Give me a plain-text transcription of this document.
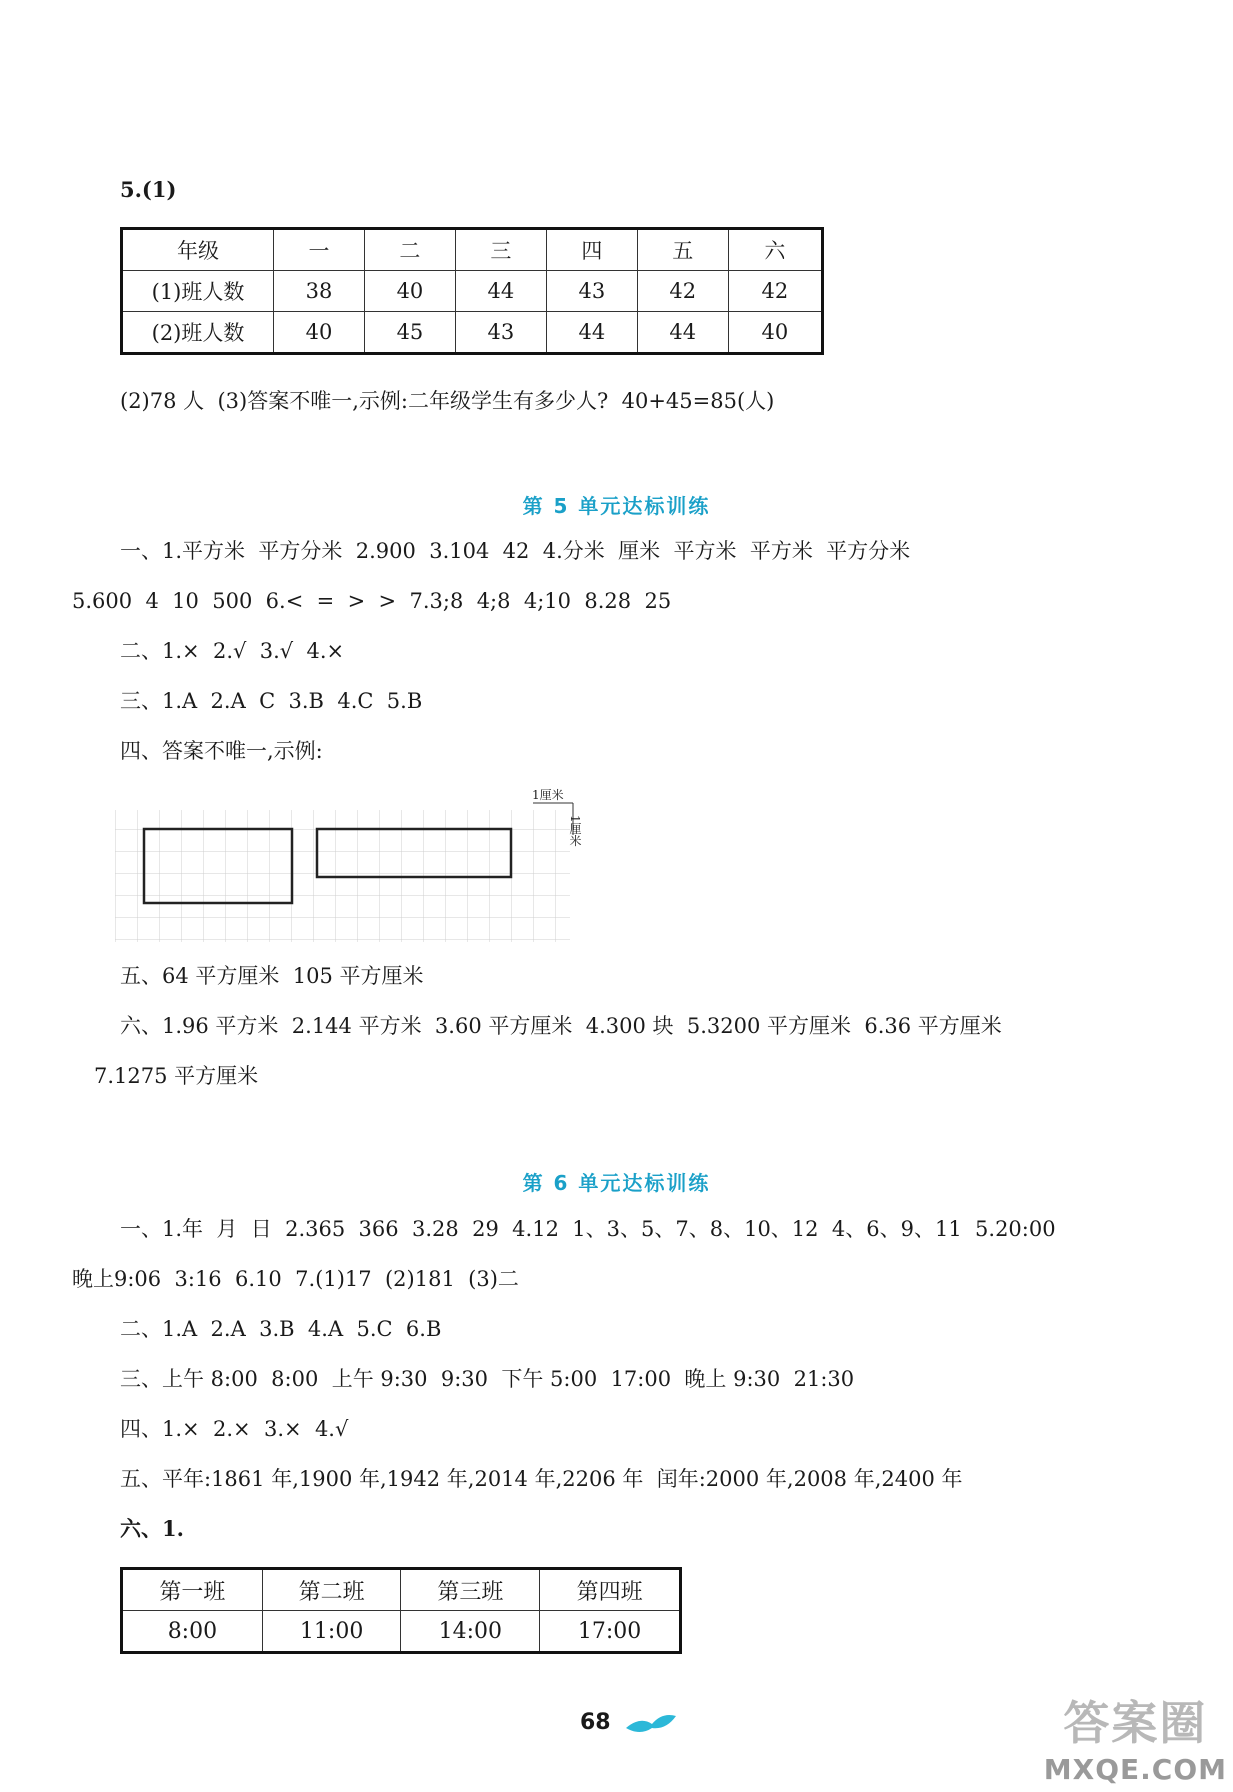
5.(1)
年级	一	二	三	四	五	六
(1)班人数	38	40	44	43	42	42
(2)班人数	40	45	43	44	44	40
(2)78 人  (3)答案不唯一,示例:二年级学生有多少人?  40+45=85(人)
第 5 单元达标训练
一、1.平方米  平方分米  2.900  3.104  42  4.分米  厘米  平方米  平方米  平方分米
5.600  4  10  500  6.<  =  >  >  7.3;8  4;8  4;10  8.28  25
二、1.×  2.√  3.√  4.×
三、1.A  2.A  C  3.B  4.C  5.B
四、答案不唯一,示例:
1厘米
1厘米
五、64 平方厘米  105 平方厘米
六、1.96 平方米  2.144 平方米  3.60 平方厘米  4.300 块  5.3200 平方厘米  6.36 平方厘米
7.1275 平方厘米
第 6 单元达标训练
一、1.年  月  日  2.365  366  3.28  29  4.12  1、3、5、7、8、10、12  4、6、9、11  5.20:00
晚上9:06  3:16  6.10  7.(1)17  (2)181  (3)二
二、1.A  2.A  3.B  4.A  5.C  6.B
三、上午 8:00  8:00  上午 9:30  9:30  下午 5:00  17:00  晚上 9:30  21:30
四、1.×  2.×  3.×  4.√
五、平年:1861 年,1900 年,1942 年,2014 年,2206 年  闰年:2000 年,2008 年,2400 年
六、1.
第一班	第二班	第三班	第四班
8:00	11:00	14:00	17:00
68	答案圈
MXQE.COM
